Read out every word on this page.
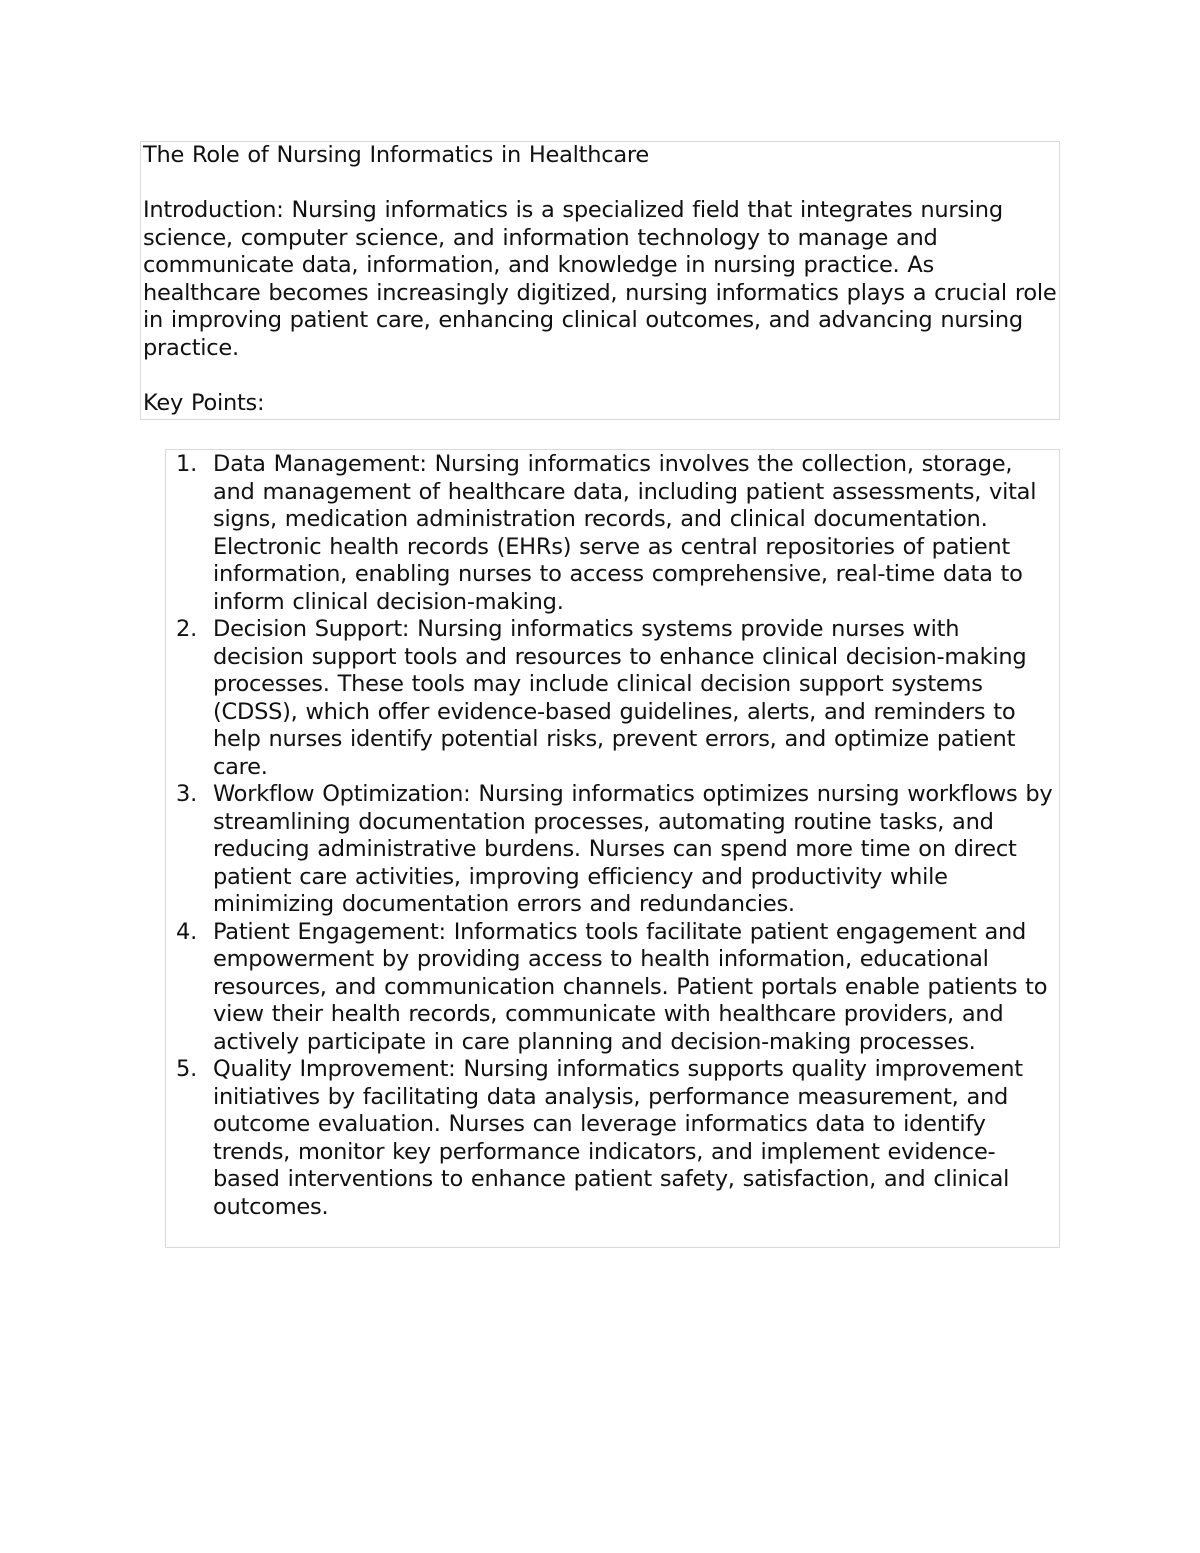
The Role of Nursing Informatics in Healthcare

Introduction: Nursing informatics is a specialized field that integrates nursing science, computer science, and information technology to manage and communicate data, information, and knowledge in nursing practice. As healthcare becomes increasingly digitized, nursing informatics plays a crucial role in improving patient care, enhancing clinical outcomes, and advancing nursing practice.

Key Points:

1. Data Management: Nursing informatics involves the collection, storage, and management of healthcare data, including patient assessments, vital signs, medication administration records, and clinical documentation. Electronic health records (EHRs) serve as central repositories of patient information, enabling nurses to access comprehensive, real-time data to inform clinical decision-making.
2. Decision Support: Nursing informatics systems provide nurses with decision support tools and resources to enhance clinical decision-making processes. These tools may include clinical decision support systems (CDSS), which offer evidence-based guidelines, alerts, and reminders to help nurses identify potential risks, prevent errors, and optimize patient care.
3. Workflow Optimization: Nursing informatics optimizes nursing workflows by streamlining documentation processes, automating routine tasks, and reducing administrative burdens. Nurses can spend more time on direct patient care activities, improving efficiency and productivity while minimizing documentation errors and redundancies.
4. Patient Engagement: Informatics tools facilitate patient engagement and empowerment by providing access to health information, educational resources, and communication channels. Patient portals enable patients to view their health records, communicate with healthcare providers, and actively participate in care planning and decision-making processes.
5. Quality Improvement: Nursing informatics supports quality improvement initiatives by facilitating data analysis, performance measurement, and outcome evaluation. Nurses can leverage informatics data to identify trends, monitor key performance indicators, and implement evidence-based interventions to enhance patient safety, satisfaction, and clinical outcomes.
